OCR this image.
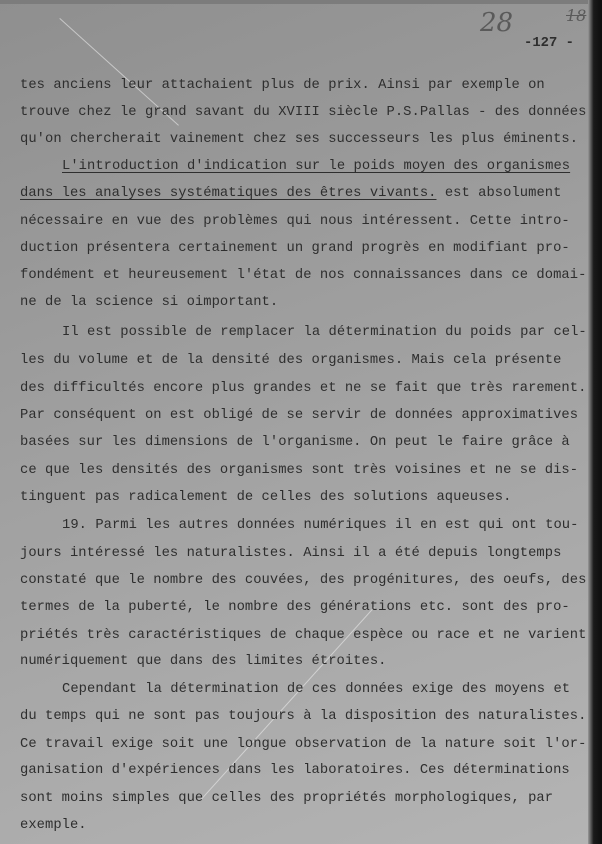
28	18
-127 -
tes anciens leur attachaient plus de prix. Ainsi par exemple on
trouve chez le grand savant du XVIII siècle P.S.Pallas - des données
qu'on chercherait vainement chez ses successeurs les plus éminents.
L'introduction d'indication sur le poids moyen des organismes
dans les analyses systématiques des êtres vivants. est absolument
nécessaire en vue des problèmes qui nous intéressent. Cette intro-
duction présentera certainement un grand progrès en modifiant pro-
fondément et heureusement l'état de nos connaissances dans ce domai-
ne de la science si oimportant.
Il est possible de remplacer la détermination du poids par cel-
les du volume et de la densité des organismes. Mais cela présente
des difficultés encore plus grandes et ne se fait que très rarement.
Par conséquent on est obligé de se servir de données approximatives
basées sur les dimensions de l'organisme. On peut le faire grâce à
ce que les densités des organismes sont très voisines et ne se dis-
tinguent pas radicalement de celles des solutions aqueuses.
19. Parmi les autres données numériques il en est qui ont tou-
jours intéressé les naturalistes. Ainsi il a été depuis longtemps
constaté que le nombre des couvées, des progénitures, des oeufs, des
termes de la puberté, le nombre des générations etc. sont des pro-
priétés très caractéristiques de chaque espèce ou race et ne varient
numériquement que dans des limites étroites.
Cependant la détermination de ces données exige des moyens et
du temps qui ne sont pas toujours à la disposition des naturalistes.
Ce travail exige soit une longue observation de la nature soit l'or-
ganisation d'expériences dans les laboratoires. Ces déterminations
sont moins simples que celles des propriétés morphologiques, par
exemple.
